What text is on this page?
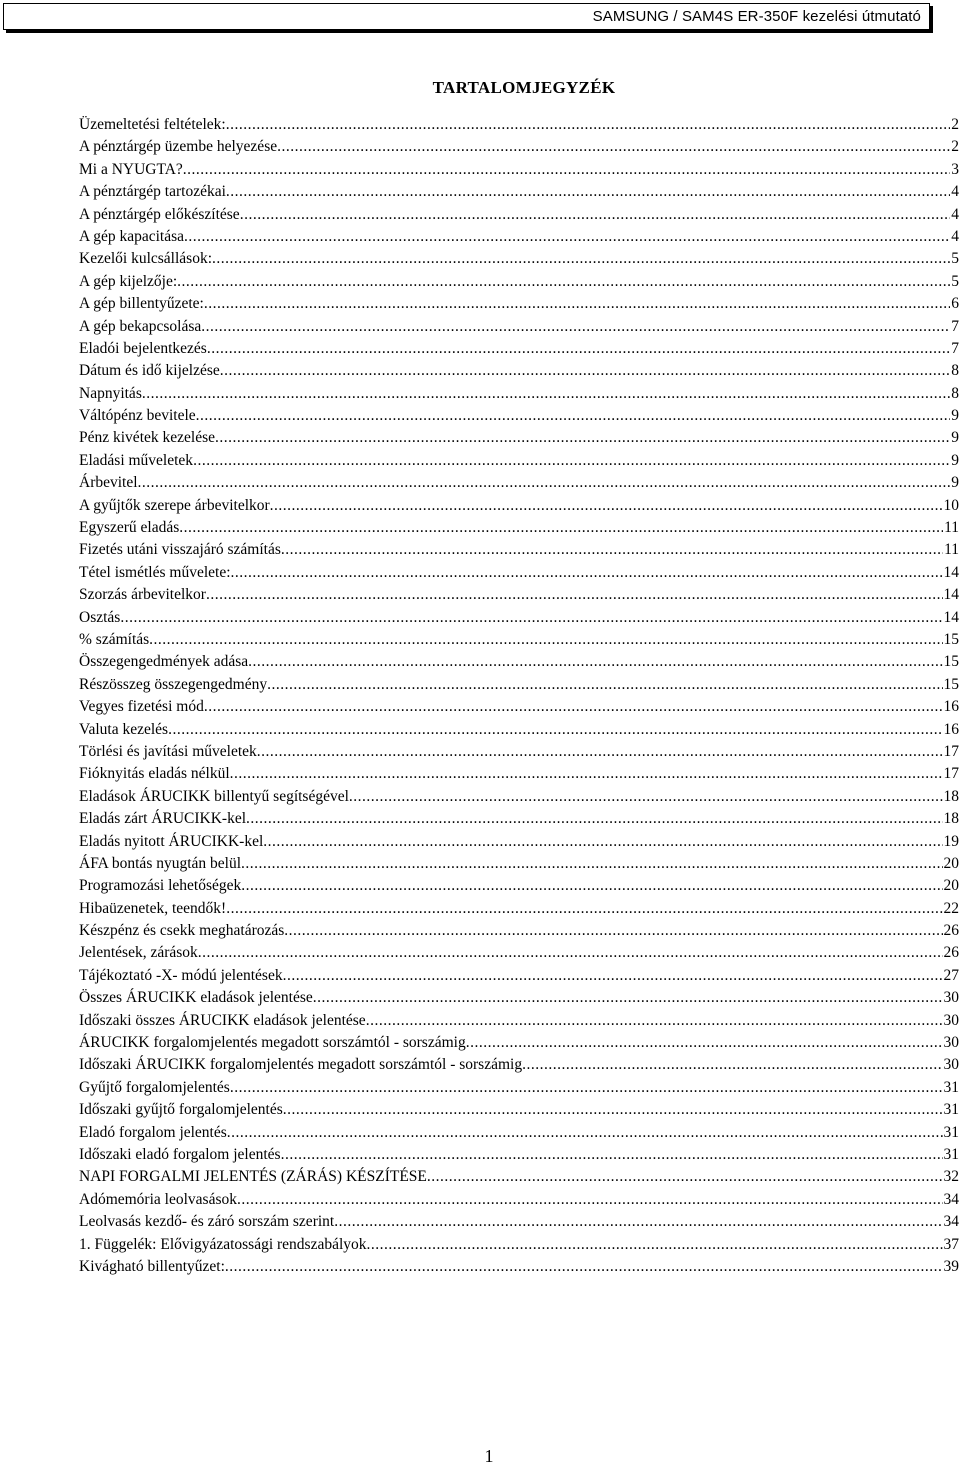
SAMSUNG / SAM4S ER-350F kezelési útmutató
TARTALOMJEGYZÉK
Üzemeltetési feltételek: .....	2
A pénztárgép üzembe helyezése .....	2
Mi a NYUGTA? .....	3
A pénztárgép tartozékai .....	4
A pénztárgép előkészítése .....	4
A gép kapacitása .....	4
Kezelői kulcsállások: .....	5
A gép kijelzője: .....	5
A gép billentyűzete: .....	6
A gép bekapcsolása .....	7
Eladói bejelentkezés .....	7
Dátum és idő kijelzése .....	8
Napnyitás .....	8
Váltópénz bevitele .....	9
Pénz kivétek kezelése .....	9
Eladási műveletek .....	9
Árbevitel .....	9
A gyűjtők szerepe árbevitelkor .....	10
Egyszerű eladás .....	11
Fizetés utáni visszajáró számítás .....	11
Tétel ismétlés művelete: .....	14
Szorzás árbevitelkor .....	14
Osztás .....	14
% számítás .....	15
Összegengedmények adása .....	15
Részösszeg összegengedmény .....	15
Vegyes fizetési mód .....	16
Valuta kezelés .....	16
Törlési és javítási műveletek .....	17
Fióknyitás eladás nélkül .....	17
Eladások ÁRUCIKK billentyű segítségével .....	18
Eladás zárt ÁRUCIKK-kel .....	18
Eladás nyitott ÁRUCIKK-kel .....	19
ÁFA bontás nyugtán belül .....	20
Programozási lehetőségek .....	20
Hibaüzenetek, teendők! .....	22
Készpénz és csekk meghatározás .....	26
Jelentések, zárások .....	26
Tájékoztató -X- módú jelentések .....	27
Összes ÁRUCIKK eladások jelentése .....	30
Időszaki összes ÁRUCIKK eladások jelentése .....	30
ÁRUCIKK forgalomjelentés megadott sorszámtól - sorszámig .....	30
Időszaki ÁRUCIKK forgalomjelentés megadott sorszámtól - sorszámig .....	30
Gyűjtő forgalomjelentés .....	31
Időszaki gyűjtő forgalomjelentés .....	31
Eladó forgalom jelentés .....	31
Időszaki eladó forgalom jelentés .....	31
NAPI FORGALMI JELENTÉS (ZÁRÁS) KÉSZÍTÉSE .....	32
Adómemória leolvasások .....	34
Leolvasás kezdő- és záró sorszám szerint .....	34
1. Függelék: Elővigyázatossági rendszabályok .....	37
Kivágható billentyűzet: .....	39
1
